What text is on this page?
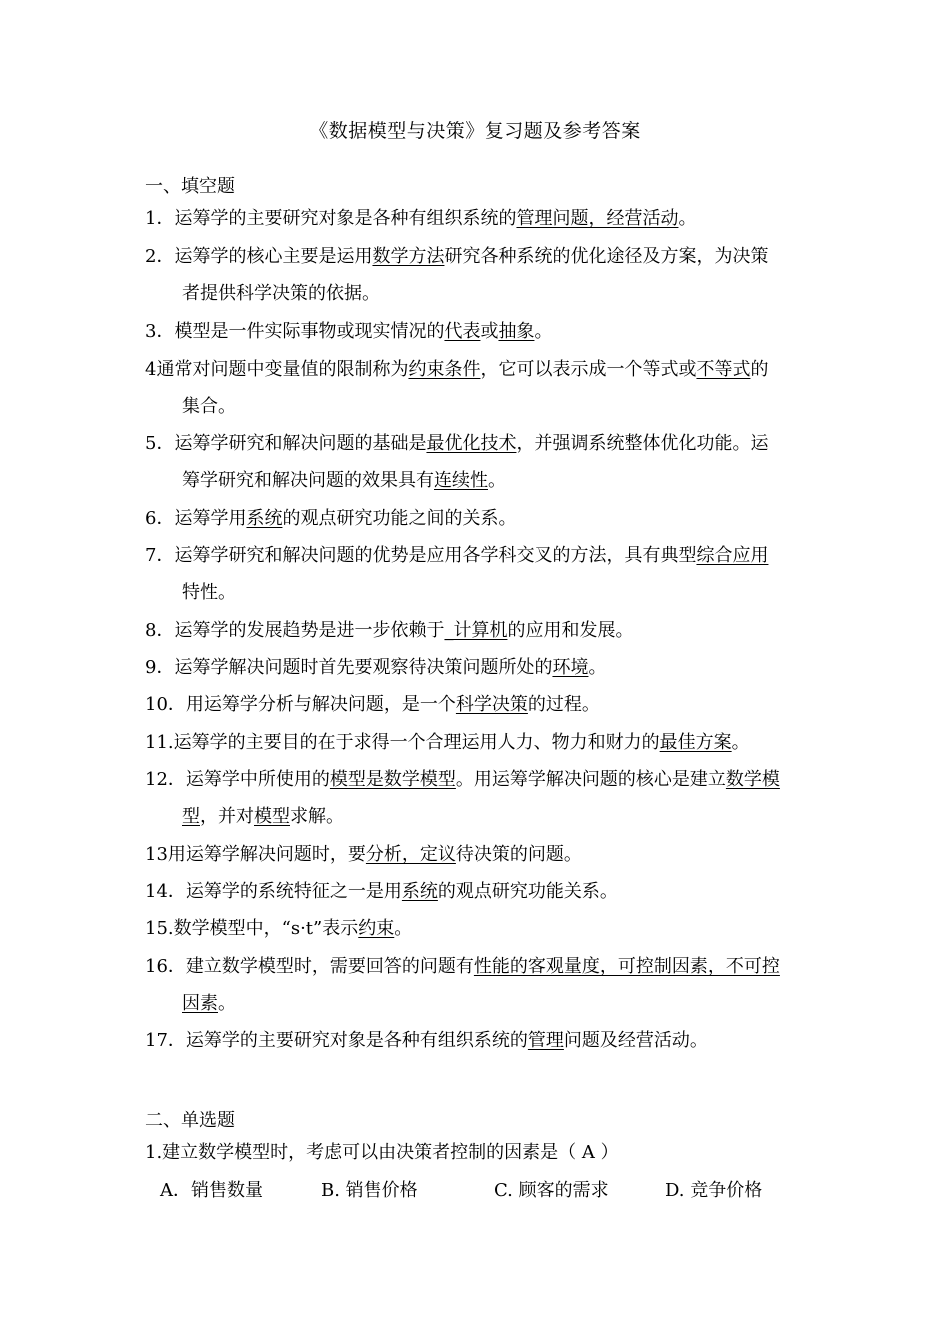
《数据模型与决策》复习题及参考答案
一、填空题
1．运筹学的主要研究对象是各种有组织系统的管理问题，经营活动。
2．运筹学的核心主要是运用数学方法研究各种系统的优化途径及方案，为决策
者提供科学决策的依据。
3．模型是一件实际事物或现实情况的代表或抽象。
4通常对问题中变量值的限制称为约束条件，它可以表示成一个等式或不等式的
集合。
5．运筹学研究和解决问题的基础是最优化技术，并强调系统整体优化功能。运
筹学研究和解决问题的效果具有连续性。
6．运筹学用系统的观点研究功能之间的关系。
7．运筹学研究和解决问题的优势是应用各学科交叉的方法，具有典型综合应用
特性。
8．运筹学的发展趋势是进一步依赖于_计算机的应用和发展。
9．运筹学解决问题时首先要观察待决策问题所处的环境。
10．用运筹学分析与解决问题，是一个科学决策的过程。
11.运筹学的主要目的在于求得一个合理运用人力、物力和财力的最佳方案。
12．运筹学中所使用的模型是数学模型。用运筹学解决问题的核心是建立数学模
型，并对模型求解。
13用运筹学解决问题时，要分析，定议待决策的问题。
14．运筹学的系统特征之一是用系统的观点研究功能关系。
15.数学模型中，“s·t”表示约束。
16．建立数学模型时，需要回答的问题有性能的客观量度，可控制因素，不可控
因素。
17．运筹学的主要研究对象是各种有组织系统的管理问题及经营活动。
二、单选题
1.建立数学模型时，考虑可以由决策者控制的因素是（ A ）
A．销售数量	B. 销售价格	C. 顾客的需求	D. 竞争价格
